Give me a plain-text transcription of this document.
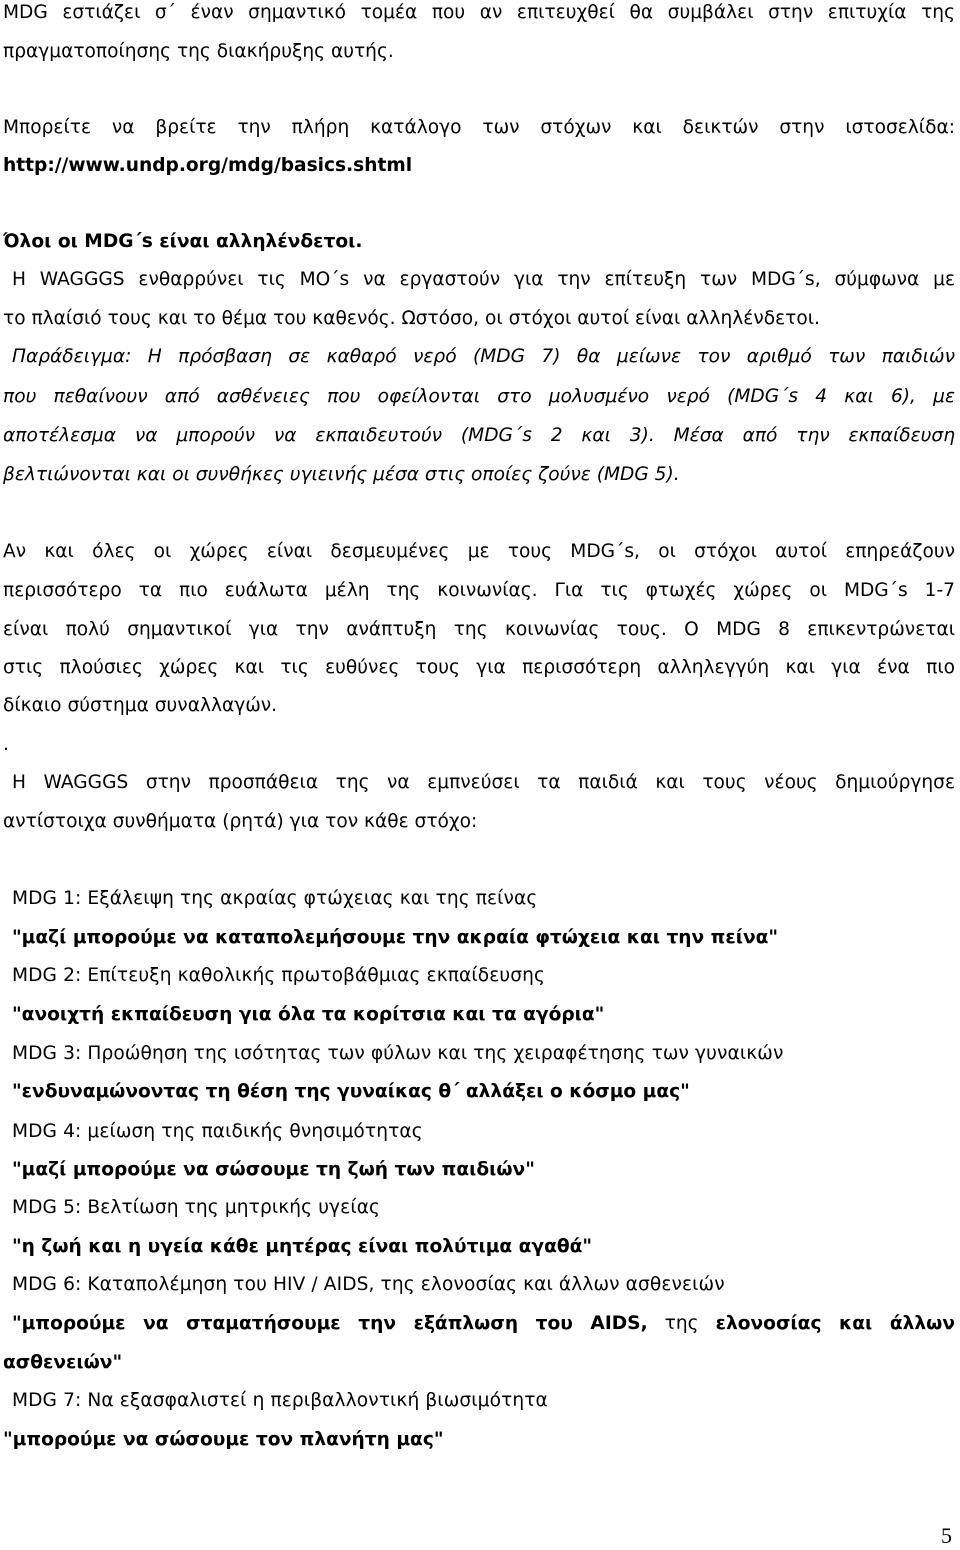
MDG εστιάζει σ΄ έναν σημαντικό τομέα που αν επιτευχθεί θα συμβάλει στην επιτυχία της
πραγματοποίησης της διακήρυξης αυτής.
Μπορείτε να βρείτε την πλήρη κατάλογο των στόχων και δεικτών στην ιστοσελίδα:
http://www.undp.org/mdg/basics.shtml
Όλοι οι MDG΄s είναι αλληλένδετοι.
Η WAGGGS ενθαρρύνει τις ΜΟ΄s να εργαστούν για την επίτευξη των MDG΄s, σύμφωνα με
το πλαίσιό τους και το θέμα του καθενός. Ωστόσο, οι στόχοι αυτοί είναι αλληλένδετοι.
Παράδειγμα: Η πρόσβαση σε καθαρό νερό (MDG 7) θα μείωνε τον αριθμό των παιδιών
που πεθαίνουν από ασθένειες που οφείλονται στο μολυσμένο νερό (MDG΄s 4 και 6), με
αποτέλεσμα να μπορούν να εκπαιδευτούν (MDG΄s 2 και 3). Μέσα από την εκπαίδευση
βελτιώνονται και οι συνθήκες υγιεινής μέσα στις οποίες ζούνε (MDG 5).
Αν και όλες οι χώρες είναι δεσμευμένες με τους MDG΄s, οι στόχοι αυτοί επηρεάζουν
περισσότερο τα πιο ευάλωτα μέλη της κοινωνίας. Για τις φτωχές χώρες οι MDG΄s 1-7
είναι πολύ σημαντικοί για την ανάπτυξη της κοινωνίας τους. Ο MDG 8 επικεντρώνεται
στις πλούσιες χώρες και τις ευθύνες τους για περισσότερη αλληλεγγύη και για ένα πιο
δίκαιο σύστημα συναλλαγών.
.
Η WAGGGS στην προσπάθεια της να εμπνεύσει τα παιδιά και τους νέους δημιούργησε
αντίστοιχα συνθήματα (ρητά) για τον κάθε στόχο:
MDG 1: Εξάλειψη της ακραίας φτώχειας και της πείνας
"μαζί μπορούμε να καταπολεμήσουμε την ακραία φτώχεια και την πείνα"
MDG 2: Επίτευξη καθολικής πρωτοβάθμιας εκπαίδευσης
"ανοιχτή εκπαίδευση για όλα τα κορίτσια και τα αγόρια"
MDG 3: Προώθηση της ισότητας των φύλων και της χειραφέτησης των γυναικών
"ενδυναμώνοντας τη θέση της γυναίκας θ΄ αλλάξει ο κόσμο μας"
MDG 4: μείωση της παιδικής θνησιμότητας
"μαζί μπορούμε να σώσουμε τη ζωή των παιδιών"
MDG 5: Βελτίωση της μητρικής υγείας
"η ζωή και η υγεία κάθε μητέρας είναι πολύτιμα αγαθά"
MDG 6: Καταπολέμηση του HIV / AIDS, της ελονοσίας και άλλων ασθενειών
"μπορούμε να σταματήσουμε την εξάπλωση του AIDS, της ελονοσίας και άλλων
ασθενειών"
MDG 7: Να εξασφαλιστεί η περιβαλλοντική βιωσιμότητα
"μπορούμε να σώσουμε τον πλανήτη μας"
5
